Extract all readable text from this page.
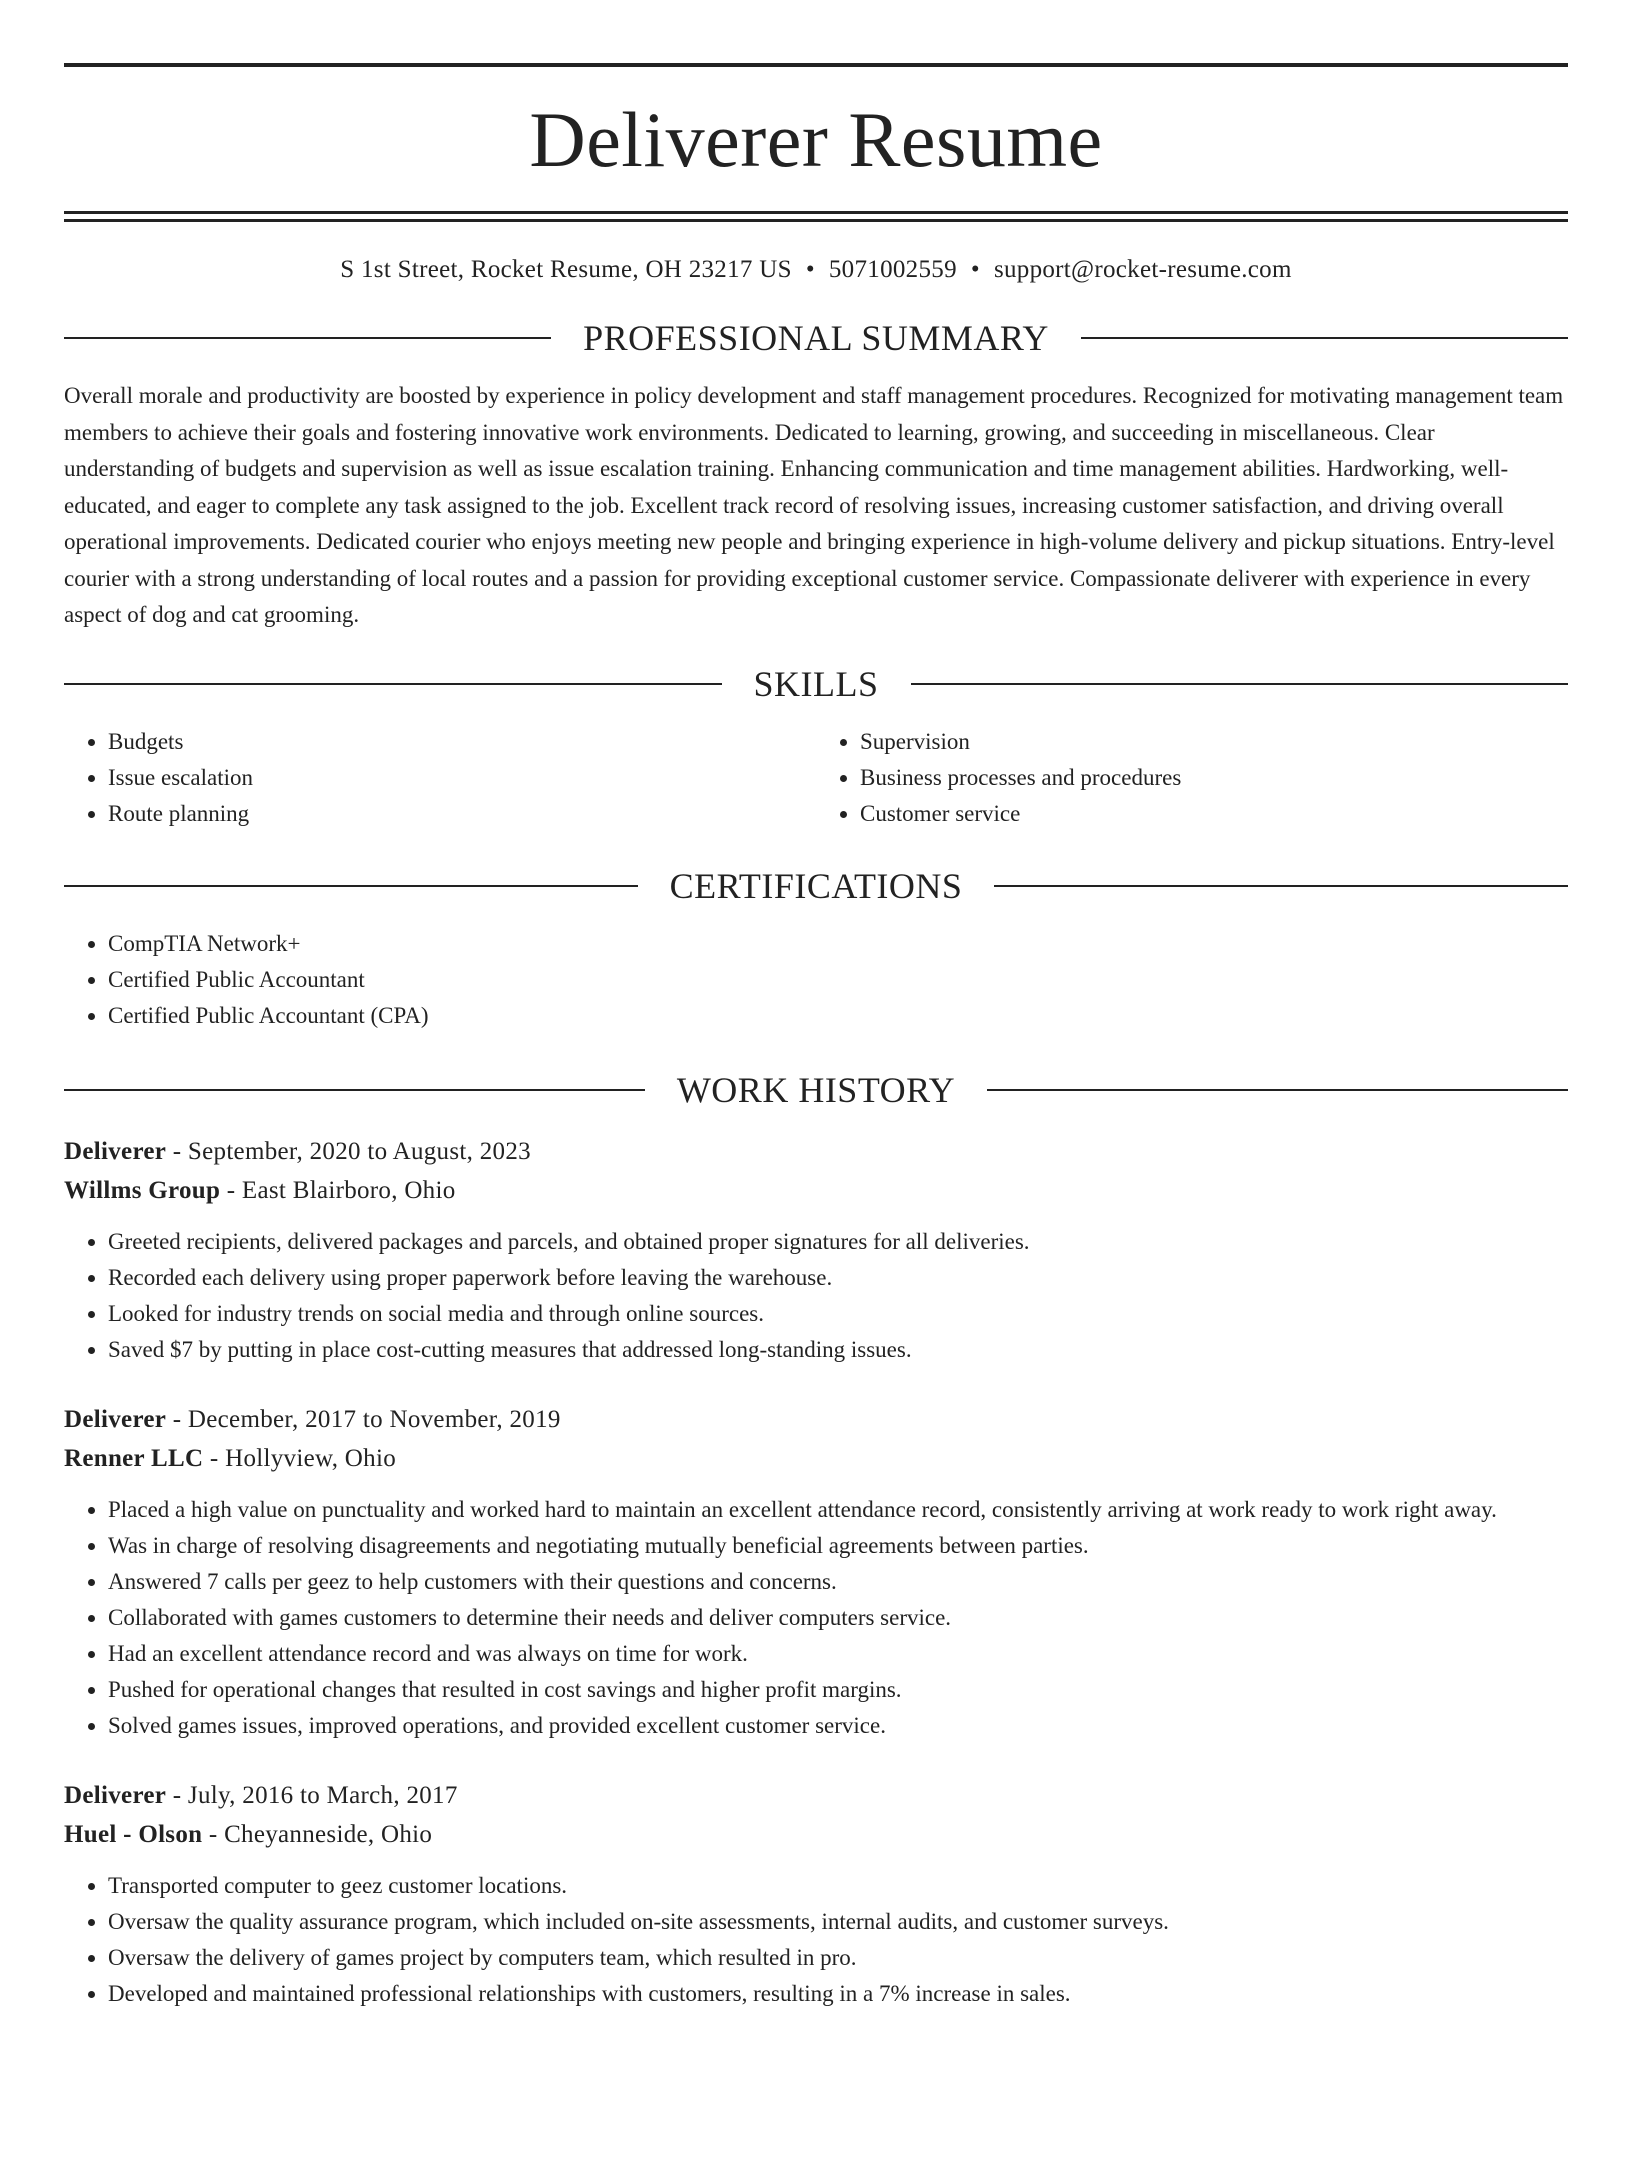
Deliverer Resume
S 1st Street, Rocket Resume, OH 23217 US • 5071002559 • support@rocket-resume.com
PROFESSIONAL SUMMARY

Overall morale and productivity are boosted by experience in policy development and staff management procedures. Recognized for motivating management team members to achieve their goals and fostering innovative work environments. Dedicated to learning, growing, and succeeding in miscellaneous. Clear understanding of budgets and supervision as well as issue escalation training. Enhancing communication and time management abilities. Hardworking, well-educated, and eager to complete any task assigned to the job. Excellent track record of resolving issues, increasing customer satisfaction, and driving overall operational improvements. Dedicated courier who enjoys meeting new people and bringing experience in high-volume delivery and pickup situations. Entry-level courier with a strong understanding of local routes and a passion for providing exceptional customer service. Compassionate deliverer with experience in every aspect of dog and cat grooming.

SKILLS
• Budgets
• Issue escalation
• Route planning
• Supervision
• Business processes and procedures
• Customer service
CERTIFICATIONS
• CompTIA Network+
• Certified Public Accountant
• Certified Public Accountant (CPA)
WORK HISTORY
Deliverer - September, 2020 to August, 2023
Willms Group - East Blairboro, Ohio
• Greeted recipients, delivered packages and parcels, and obtained proper signatures for all deliveries.
• Recorded each delivery using proper paperwork before leaving the warehouse.
• Looked for industry trends on social media and through online sources.
• Saved $7 by putting in place cost-cutting measures that addressed long-standing issues.
Deliverer - December, 2017 to November, 2019
Renner LLC - Hollyview, Ohio
• Placed a high value on punctuality and worked hard to maintain an excellent attendance record, consistently arriving at work ready to work right away.
• Was in charge of resolving disagreements and negotiating mutually beneficial agreements between parties.
• Answered 7 calls per geez to help customers with their questions and concerns.
• Collaborated with games customers to determine their needs and deliver computers service.
• Had an excellent attendance record and was always on time for work.
• Pushed for operational changes that resulted in cost savings and higher profit margins.
• Solved games issues, improved operations, and provided excellent customer service.
Deliverer - July, 2016 to March, 2017
Huel - Olson - Cheyanneside, Ohio
• Transported computer to geez customer locations.
• Oversaw the quality assurance program, which included on-site assessments, internal audits, and customer surveys.
• Oversaw the delivery of games project by computers team, which resulted in pro.
• Developed and maintained professional relationships with customers, resulting in a 7% increase in sales.
